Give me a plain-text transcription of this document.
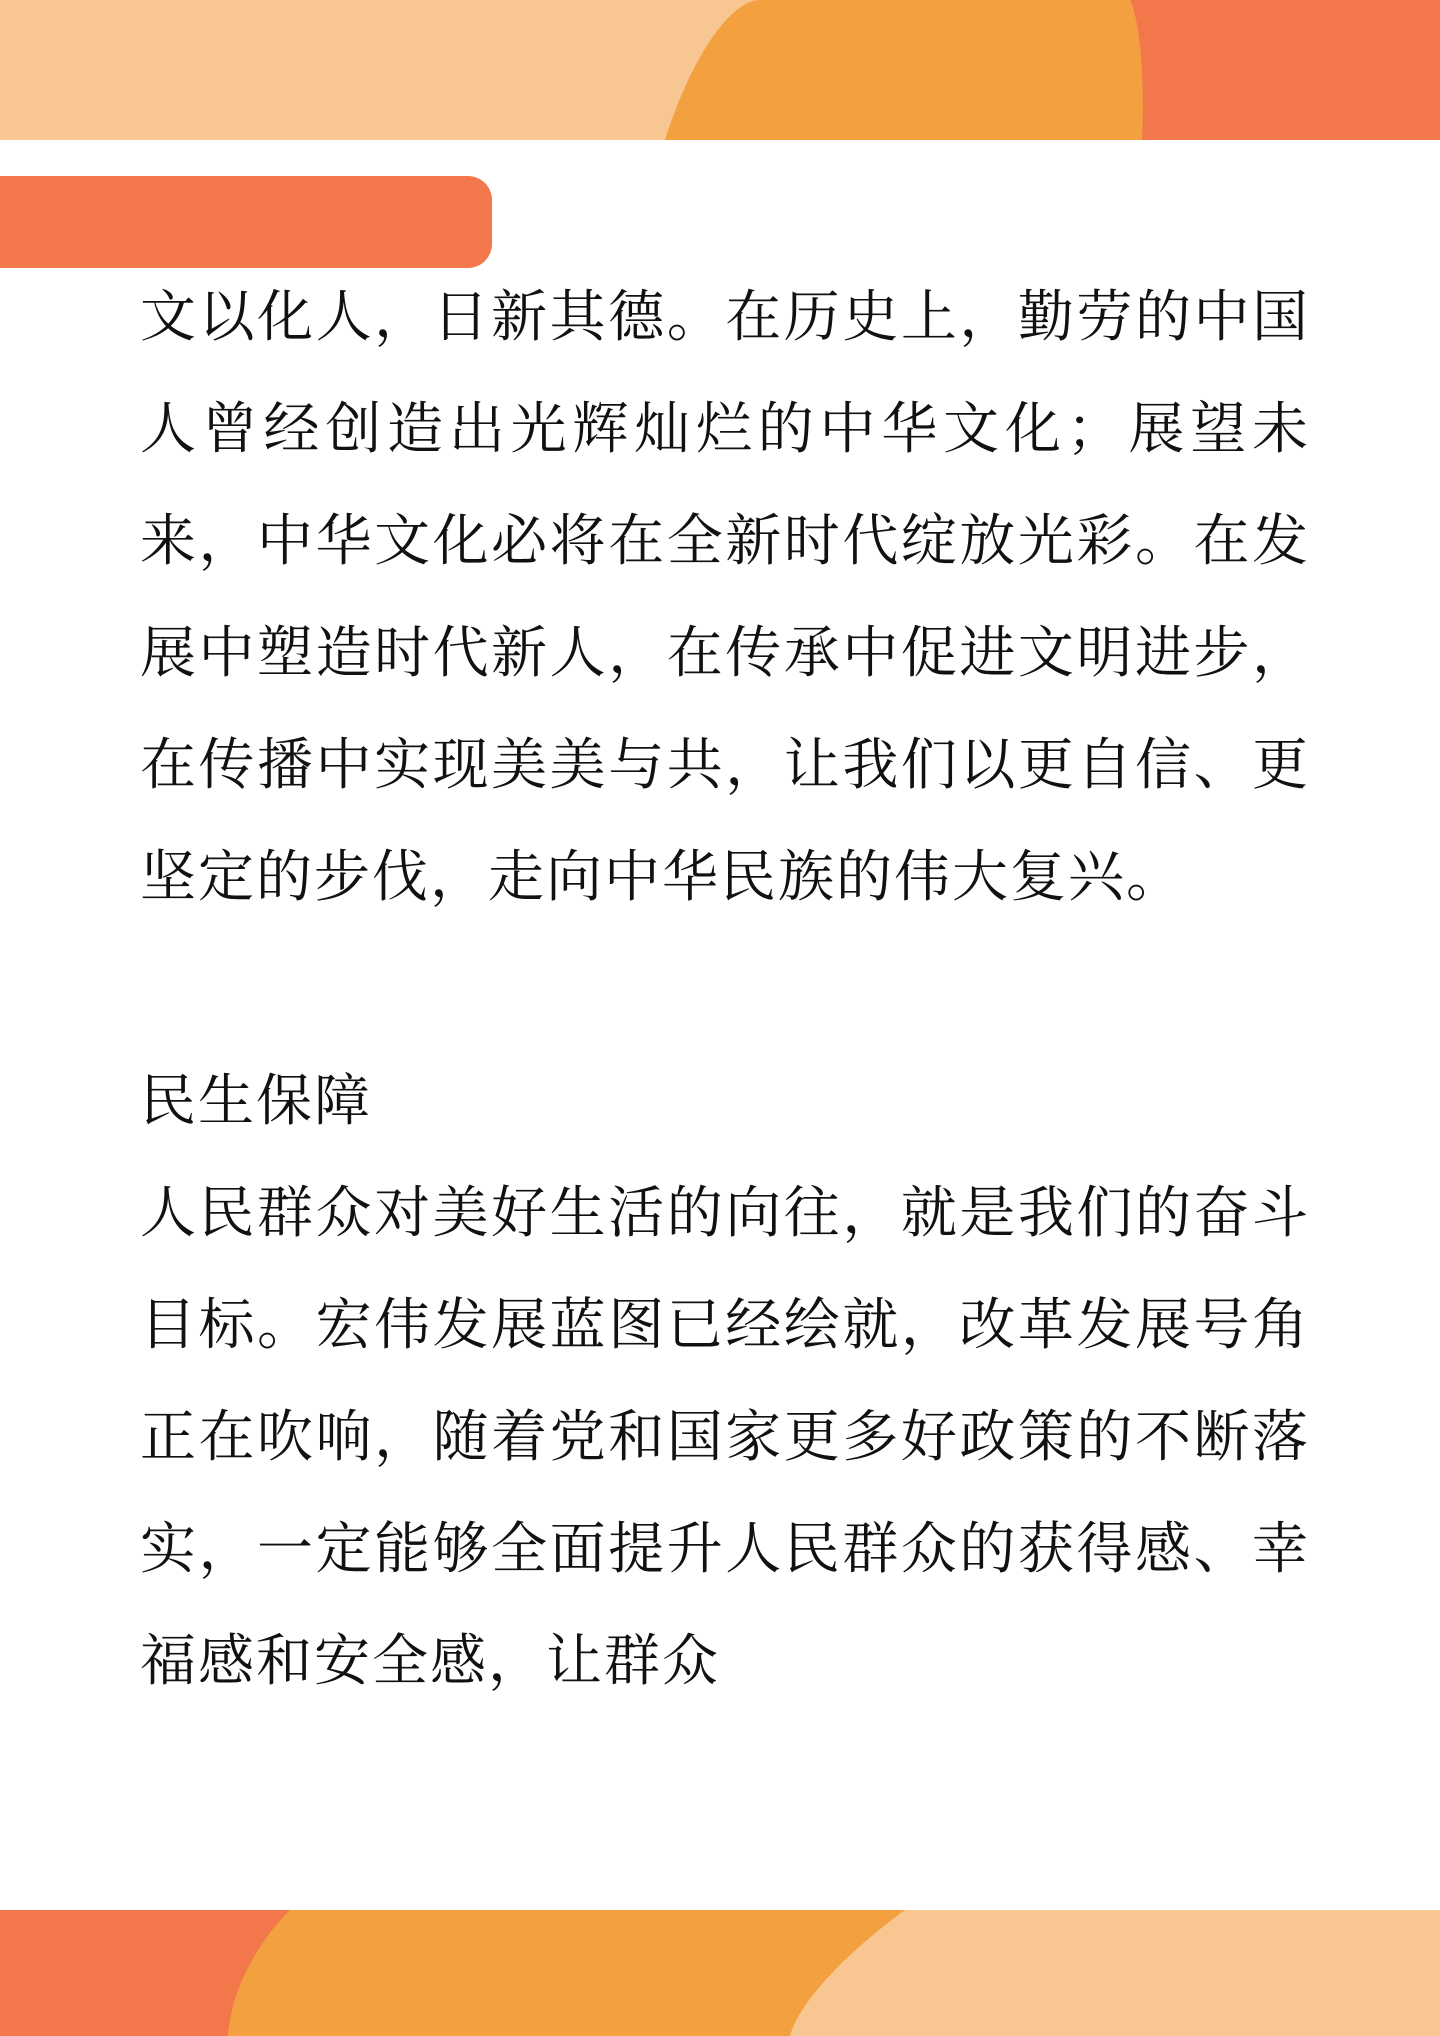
文以化人，日新其德。在历史上，勤劳的中国人曾经创造出光辉灿烂的中华文化；展望未来，中华文化必将在全新时代绽放光彩。在发展中塑造时代新人，在传承中促进文明进步，在传播中实现美美与共，让我们以更自信、更坚定的步伐，走向中华民族的伟大复兴。

民生保障

人民群众对美好生活的向往，就是我们的奋斗目标。宏伟发展蓝图已经绘就，改革发展号角正在吹响，随着党和国家更多好政策的不断落实，一定能够全面提升人民群众的获得感、幸福感和安全感，让群众
